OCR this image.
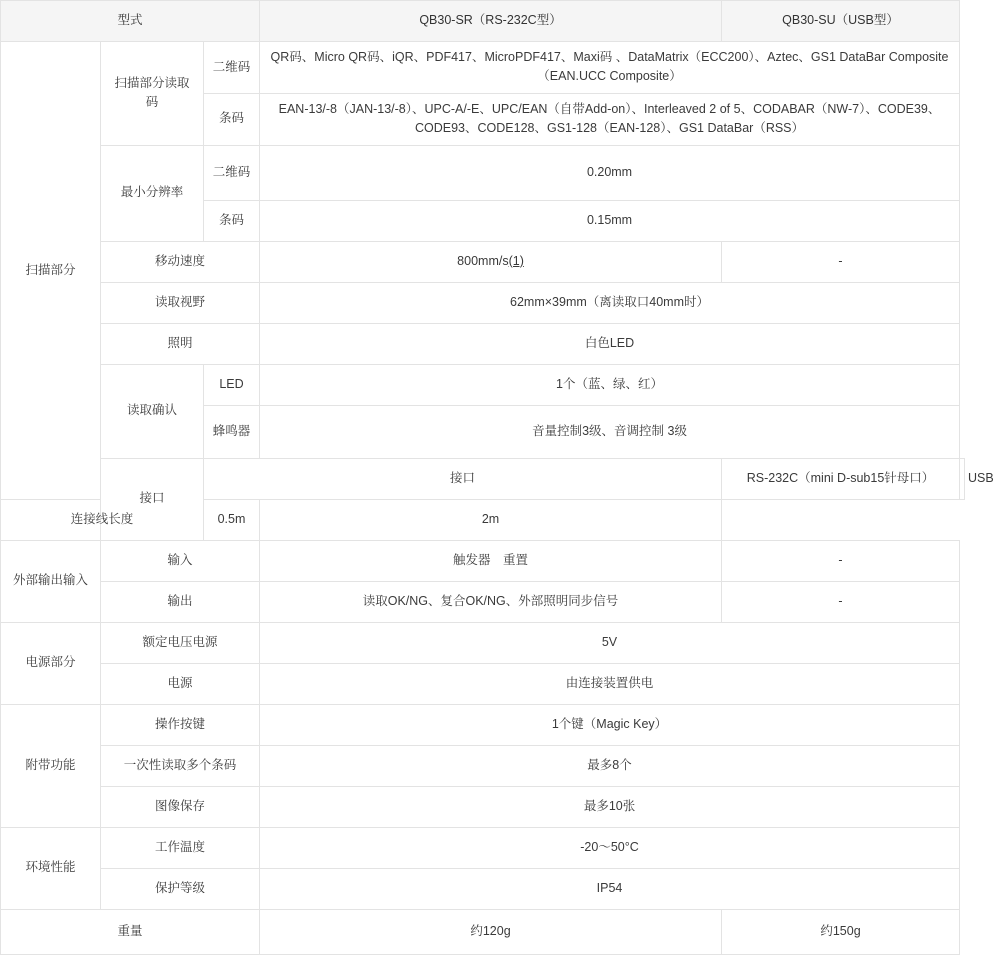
型式			QB30-SR（RS-232C型）	QB30-SU（USB型）	
扫描部分	扫描部分读取码	二维码	QR码、Micro QR码、iQR、PDF417、MicroPDF417、Maxi码 、DataMatrix（ECC200）、Aztec、GS1 DataBar Composite （EAN.UCC Composite）		
		条码	EAN-13/-8（JAN-13/-8）、UPC-A/-E、UPC/EAN（自带Add-on）、Interleaved 2 of 5、CODABAR（NW-7）、CODE39、CODE93、CODE128、GS1-128（EAN-128）、GS1 DataBar（RSS）		
	最小分辨率	二维码	0.20mm		
		条码	0.15mm		
	移动速度		800mm/s(1)	-	
	读取视野		62mm×39mm（离读取口40mm时）		
	照明		白色LED		
	读取确认	LED	1个（蓝、绿、红）		
		蜂鸣器	音量控制3级、音调控制 3级		
	接口	接口		RS-232C（mini D-sub15针母口）	USB
连接线长度		0.5m	2m		
外部输出输入	输入		触发器　重置	-	
	输出		读取OK/NG、复合OK/NG、外部照明同步信号	-	
电源部分	额定电压电源		5V		
	电源		由连接装置供电		
附带功能	操作按键		1个键（Magic Key）		
	一次性读取多个条码		最多8个		
	图像保存		最多10张		
环境性能	工作温度		‐20～50°C		
	保护等级		IP54		
重量			约120g	约150g	
